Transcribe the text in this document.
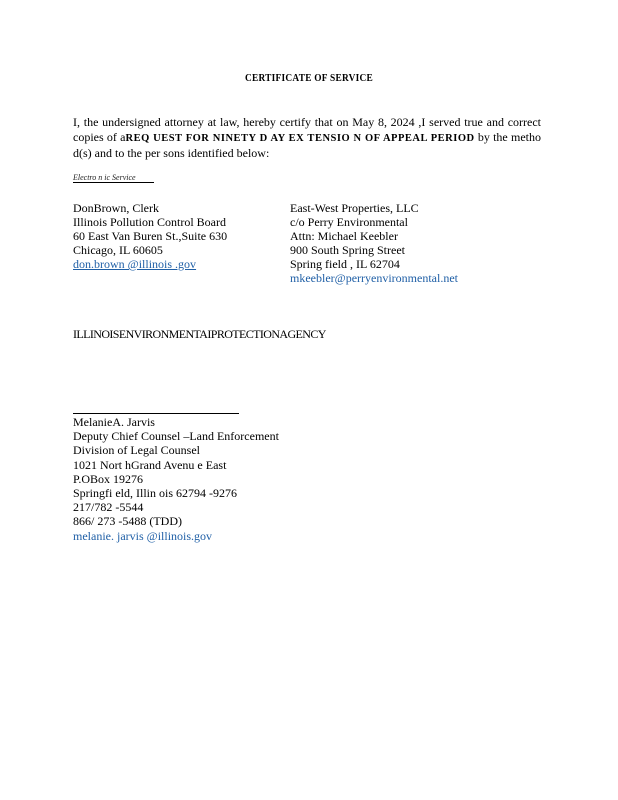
CERTIFICATE OF SERVICE
I, the undersigned attorney at law, hereby certify that on May 8, 2024 ,I served true and correct copies of aREQ UEST FOR NINETY D AY EX TENSIO N OF APPEAL PERIOD by the metho d(s) and to the per sons identified below:
Electro n ic Service
DonBrown, Clerk
Illinois Pollution Control Board
60 East Van Buren St.,Suite 630
Chicago, IL 60605
don.brown @illinois .gov
East-West Properties, LLC
c/o Perry Environmental
Attn: Michael Keebler
900 South Spring Street
Spring field , IL 62704
mkeebler@perryenvironmental.net
ILLINOISENVIRONMENTAIPROTECTIONAGENCY
MelanieA. Jarvis
Deputy Chief Counsel –Land Enforcement
Division of Legal Counsel
1021 Nort hGrand Avenu e East
P.OBox 19276
Springfi eld, Illin ois 62794 -9276
217/782 -5544
866/ 273 -5488 (TDD)
melanie. jarvis @illinois.gov
